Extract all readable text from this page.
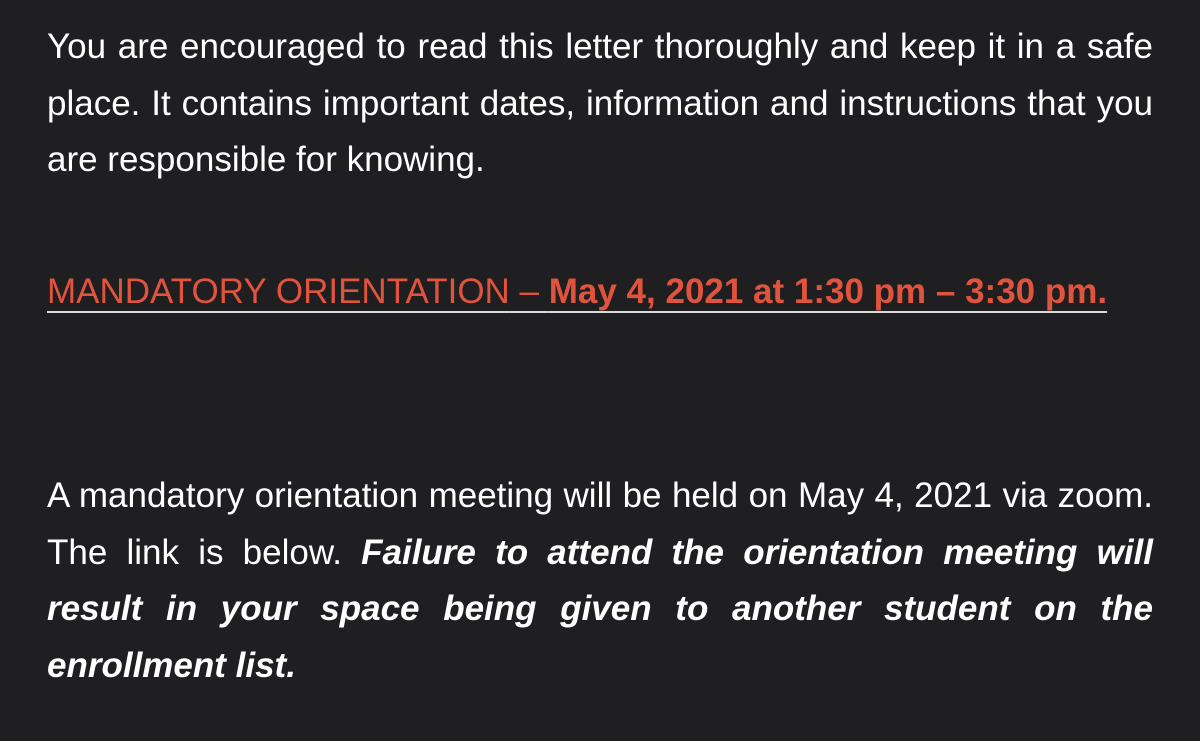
You are encouraged to read this letter thoroughly and keep it in a safe place. It contains important dates, information and instructions that you are responsible for knowing.

MANDATORY ORIENTATION – May 4, 2021 at 1:30 pm – 3:30 pm.

A mandatory orientation meeting will be held on May 4, 2021 via zoom. The link is below. Failure to attend the orientation meeting will result in your space being given to another student on the enrollment list.
